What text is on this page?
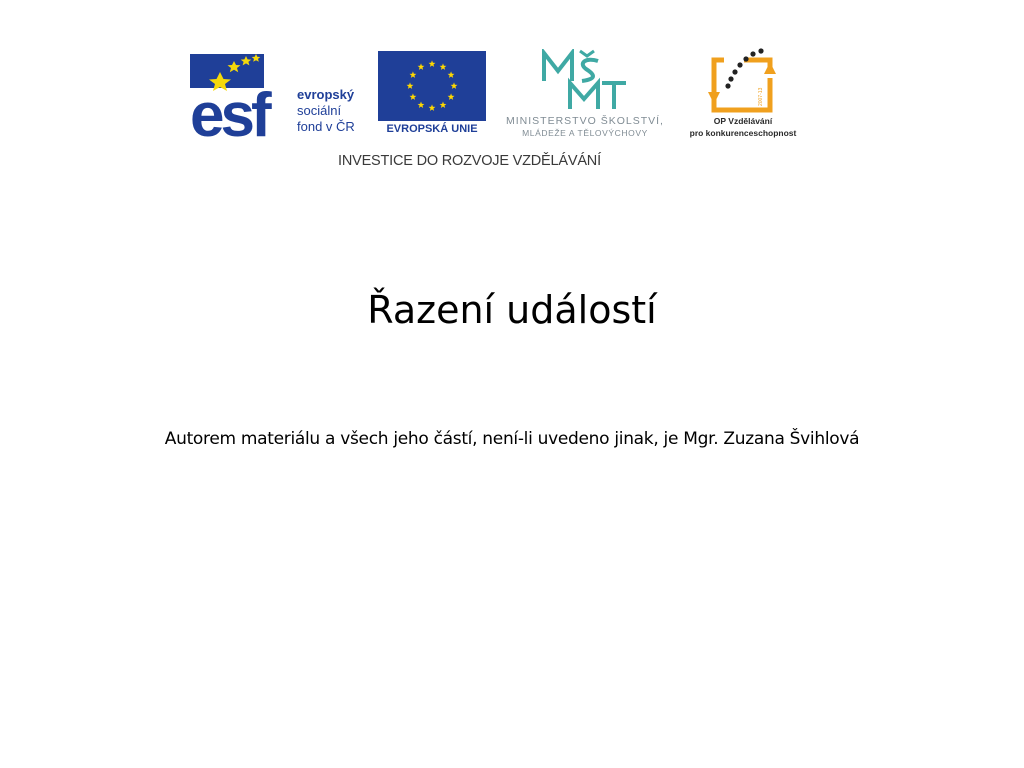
esf	evropský
sociální
fond v ČR	EVROPSKÁ UNIE
MINISTERSTVO ŠKOLSTVÍ,
MLÁDEŽE A TĚLOVÝCHOVY
2007-13
OP Vzdělávání
pro konkurenceschopnost
INVESTICE DO ROZVOJE VZDĚLÁVÁNÍ
Řazení událostí
Autorem materiálu a všech jeho částí, není-li uvedeno jinak, je Mgr. Zuzana Švihlová
